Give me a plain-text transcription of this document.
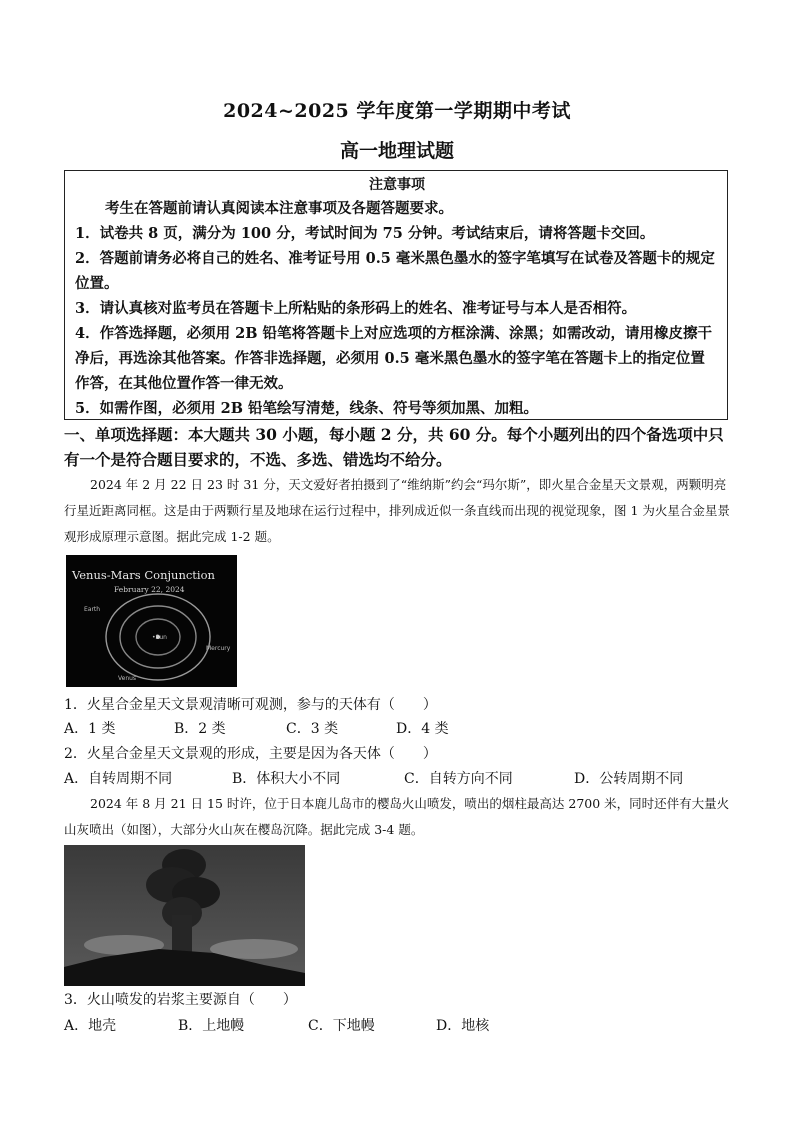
2024~2025 学年度第一学期期中考试
高一地理试题
注意事项

考生在答题前请认真阅读本注意事项及各题答题要求。

1．试卷共 8 页，满分为 100 分，考试时间为 75 分钟。考试结束后，请将答题卡交回。

2．答题前请务必将自己的姓名、准考证号用 0.5 毫米黑色墨水的签字笔填写在试卷及答题卡的规定位置。

3．请认真核对监考员在答题卡上所粘贴的条形码上的姓名、准考证号与本人是否相符。

4．作答选择题，必须用 2B 铅笔将答题卡上对应选项的方框涂满、涂黑；如需改动，请用橡皮擦干净后，再选涂其他答案。作答非选择题，必须用 0.5 毫米黑色墨水的签字笔在答题卡上的指定位置作答，在其他位置作答一律无效。

5．如需作图，必须用 2B 铅笔绘写清楚，线条、符号等须加黑、加粗。

一、单项选择题：本大题共 30 小题，每小题 2 分，共 60 分。每个小题列出的四个备选项中只有一个是符合题目要求的，不选、多选、错选均不给分。

2024 年 2 月 22 日 23 时 31 分，天文爱好者拍摄到了“维纳斯”约会“玛尔斯”，即火星合金星天文景观，两颗明亮行星近距离同框。这是由于两颗行星及地球在运行过程中，排列成近似一条直线而出现的视觉现象，图 1 为火星合金星景观形成原理示意图。据此完成 1-2 题。

Venus-Mars Conjunction
February 22, 2024
Earth
•Sun
Mercury
Venus

1．火星合金星天文景观清晰可观测，参与的天体有（　　）

A．1 类	B．2 类	C．3 类	D．4 类

2．火星合金星天文景观的形成，主要是因为各天体（　　）

A．自转周期不同	B．体积大小不同	C．自转方向不同	D．公转周期不同

2024 年 8 月 21 日 15 时许，位于日本鹿儿岛市的樱岛火山喷发，喷出的烟柱最高达 2700 米，同时还伴有大量火山灰喷出（如图），大部分火山灰在樱岛沉降。据此完成 3-4 题。

3．火山喷发的岩浆主要源自（　　）

A．地壳	B．上地幔	C．下地幔	D．地核
